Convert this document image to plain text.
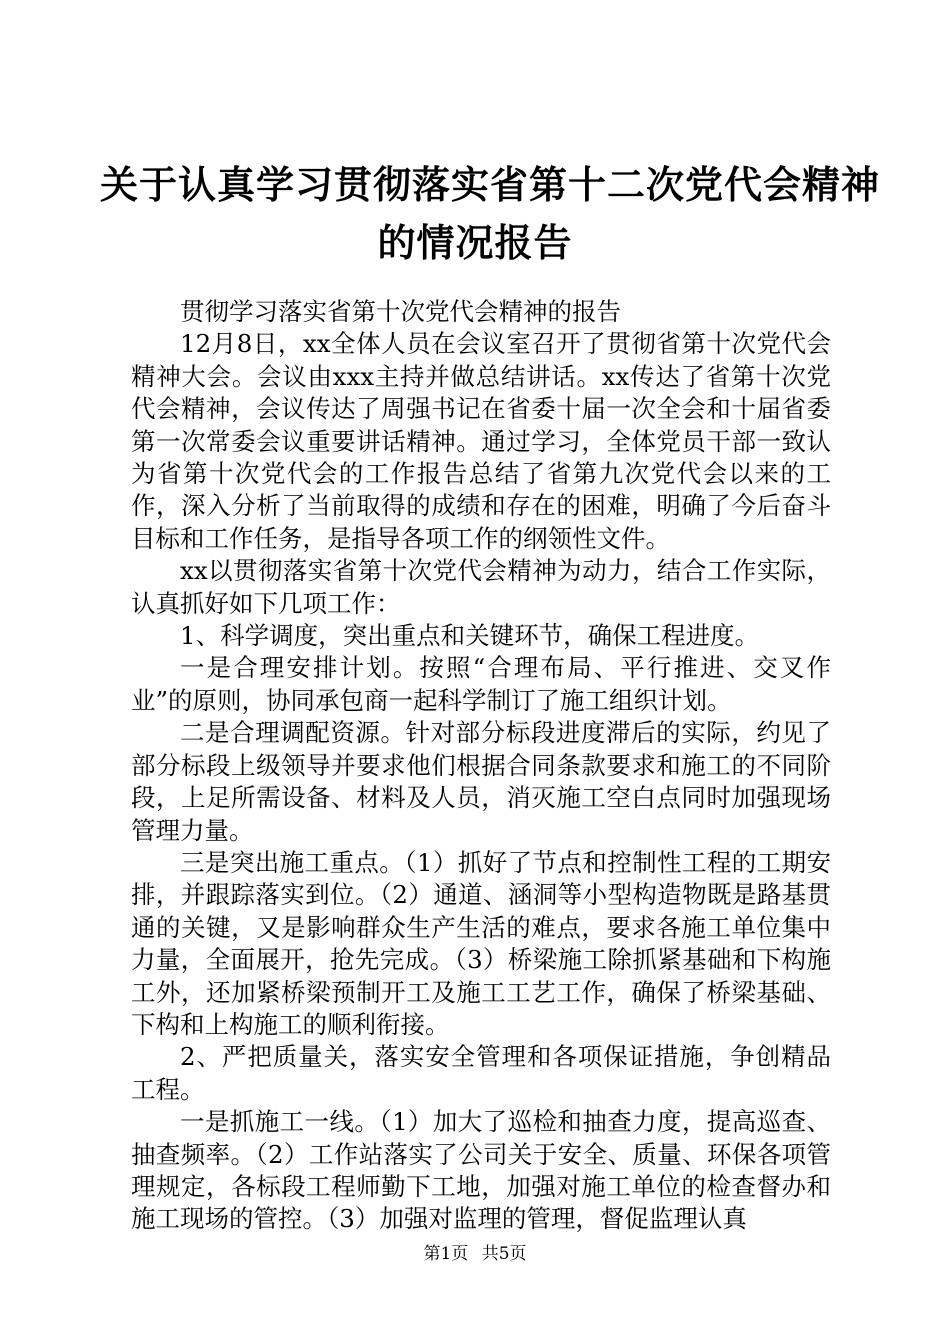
关于认真学习贯彻落实省第十二次党代会精神
的情况报告

贯彻学习落实省第十次党代会精神的报告

12月8日，xx全体人员在会议室召开了贯彻省第十次党代会精神大会。会议由xxx主持并做总结讲话。xx传达了省第十次党代会精神，会议传达了周强书记在省委十届一次全会和十届省委第一次常委会议重要讲话精神。通过学习，全体党员干部一致认为省第十次党代会的工作报告总结了省第九次党代会以来的工作，深入分析了当前取得的成绩和存在的困难，明确了今后奋斗目标和工作任务，是指导各项工作的纲领性文件。

xx以贯彻落实省第十次党代会精神为动力，结合工作实际，认真抓好如下几项工作：

1、科学调度，突出重点和关键环节，确保工程进度。

一是合理安排计划。按照“合理布局、平行推进、交叉作业”的原则，协同承包商一起科学制订了施工组织计划。

二是合理调配资源。针对部分标段进度滞后的实际，约见了部分标段上级领导并要求他们根据合同条款要求和施工的不同阶段，上足所需设备、材料及人员，消灭施工空白点同时加强现场管理力量。

三是突出施工重点。（1）抓好了节点和控制性工程的工期安排，并跟踪落实到位。（2）通道、涵洞等小型构造物既是路基贯通的关键，又是影响群众生产生活的难点，要求各施工单位集中力量，全面展开，抢先完成。（3）桥梁施工除抓紧基础和下构施工外，还加紧桥梁预制开工及施工工艺工作，确保了桥梁基础、下构和上构施工的顺利衔接。

2、严把质量关，落实安全管理和各项保证措施，争创精品工程。

一是抓施工一线。（1）加大了巡检和抽查力度，提高巡查、抽查频率。（2）工作站落实了公司关于安全、质量、环保各项管理规定，各标段工程师勤下工地，加强对施工单位的检查督办和施工现场的管控。（3）加强对监理的管理，督促监理认真

第1页 共5页
